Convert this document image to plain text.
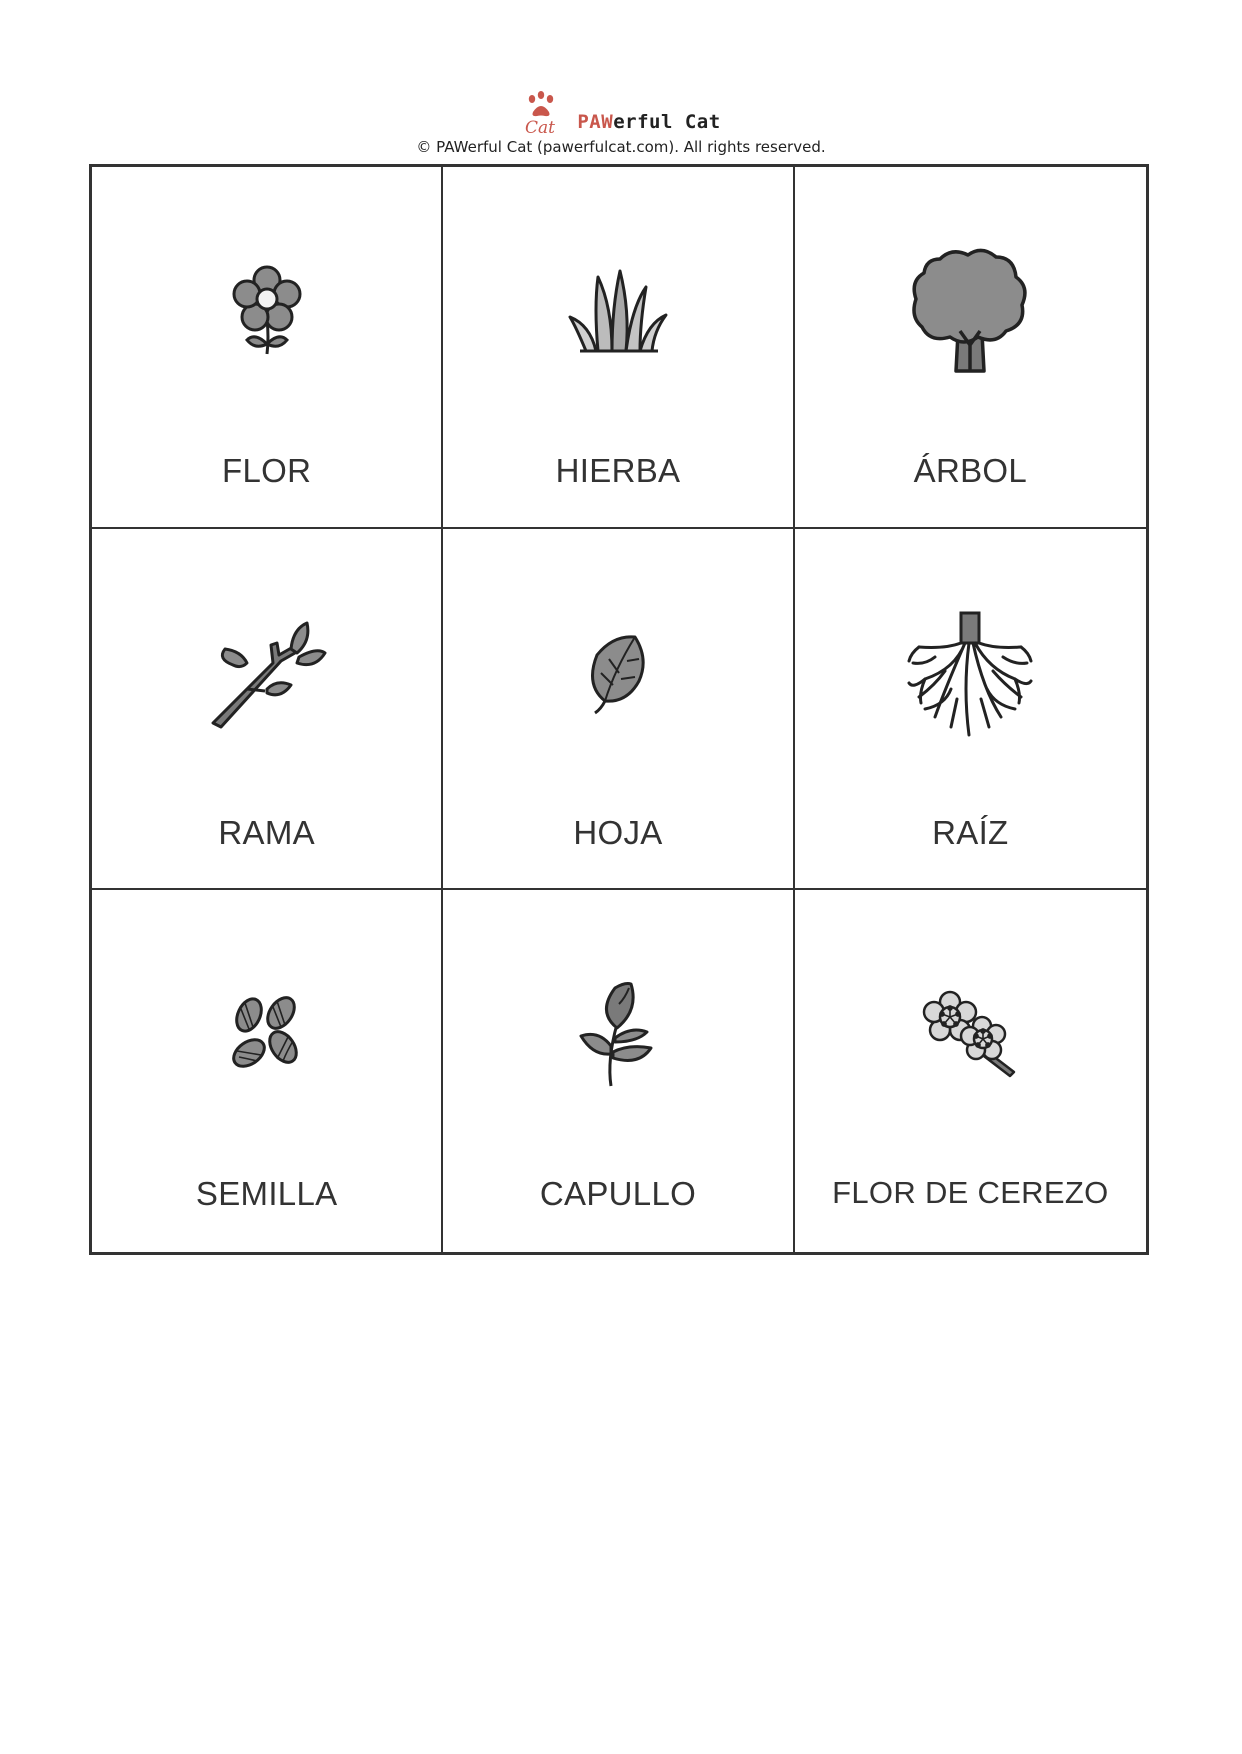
Cat PAWerful Cat
© PAWerful Cat (pawerfulcat.com). All rights reserved.
FLOR	HIERBA	ÁRBOL
RAMA	HOJA	RAÍZ
SEMILLA	CAPULLO	FLOR DE CEREZO
